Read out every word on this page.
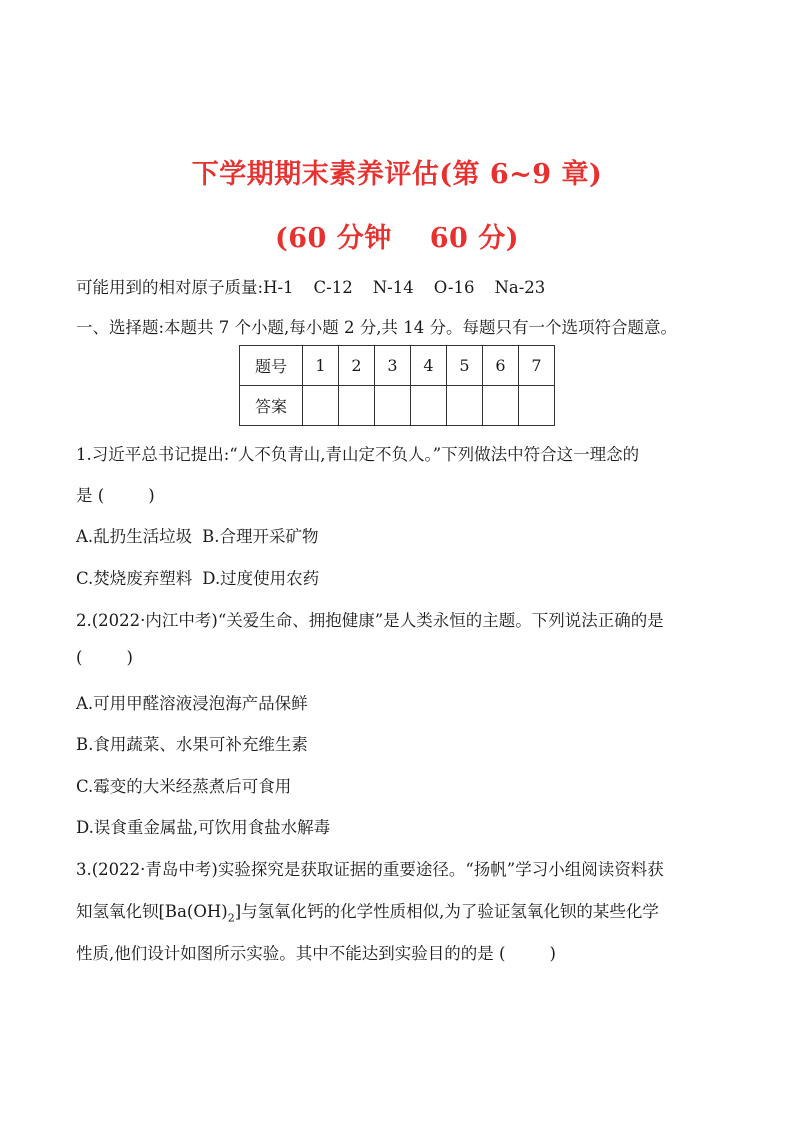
下学期期末素养评估(第 6~9 章)
(60 分钟 60 分)
可能用到的相对原子质量:H-1 C-12 N-14 O-16 Na-23
一、选择题:本题共 7 个小题,每小题 2 分,共 14 分。每题只有一个选项符合题意。
题号	1	2	3	4	5	6	7
答案							
1.习近平总书记提出:“人不负青山,青山定不负人。”下列做法中符合这一理念的
是 (	)
A.乱扔生活垃圾 B.合理开采矿物
C.焚烧废弃塑料 D.过度使用农药
2.(2022·内江中考)“关爱生命、拥抱健康”是人类永恒的主题。下列说法正确的是
(	)
A.可用甲醛溶液浸泡海产品保鲜
B.食用蔬菜、水果可补充维生素
C.霉变的大米经蒸煮后可食用
D.误食重金属盐,可饮用食盐水解毒
3.(2022·青岛中考)实验探究是获取证据的重要途径。“扬帆”学习小组阅读资料获
知氢氧化钡$[Ba(OH)_2]$与氢氧化钙的化学性质相似,为了验证氢氧化钡的某些化学
性质,他们设计如图所示实验。其中不能达到实验目的的是 (	)
